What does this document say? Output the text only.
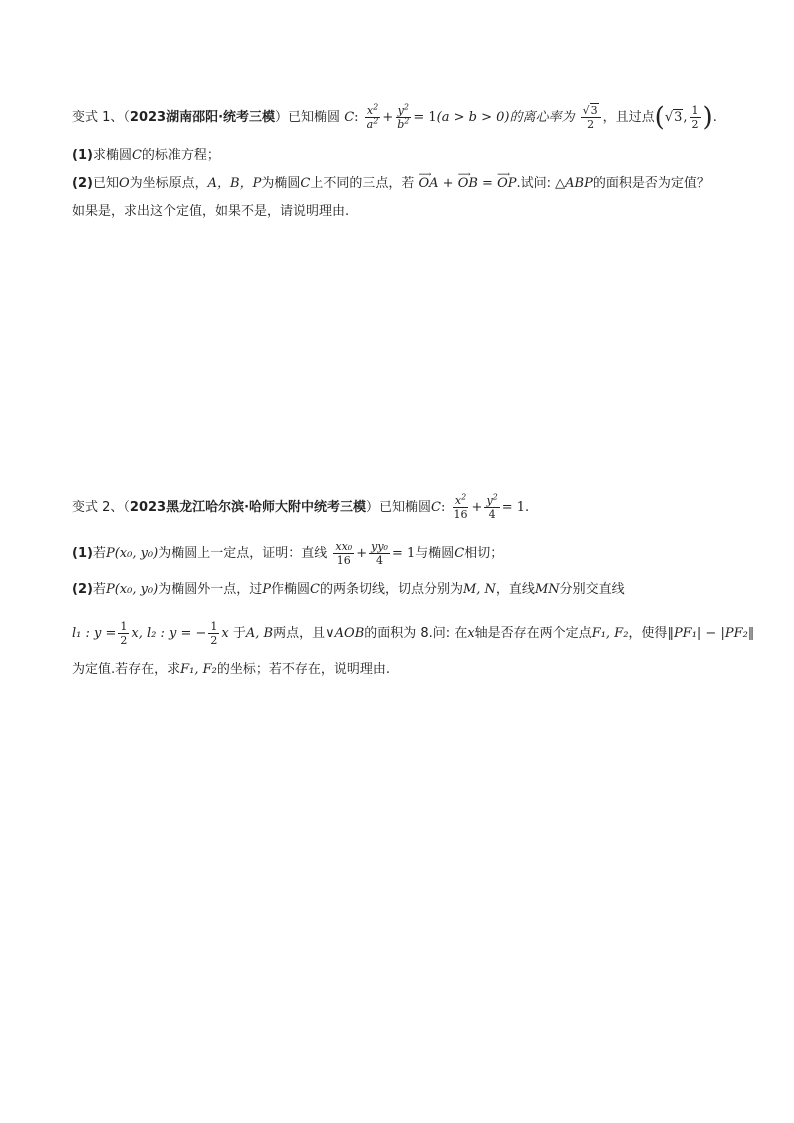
变式 1、（2023湖南邵阳·统考三模）已知椭圆 C: $\frac{x^2}{a^2} + \frac{y^2}{b^2} = 1(a > b > 0)$的离心率为 $\frac{√3}{2}$ ，且过点(√3, $\frac{1}{2}$ ).
(1)求椭圆C的标准方程；
(2)已知O为坐标原点，A，B，P为椭圆C上不同的三点，若 ⟶ OA + ⟶ OB = ⟶ OP.试问: △ABP的面积是否为定值？
如果是，求出这个定值，如果不是，请说明理由.
变式 2、（2023黑龙江哈尔滨·哈师大附中统考三模）已知椭圆C: $\frac{x^2}{16} + \frac{y^2}{4} = 1$.
(1)若P(x₀, y₀)为椭圆上一定点，证明：直线 $\frac{\text{xx₀}}{16} + \frac{\text{yy₀}}{4} = 1$与椭圆C相切；
(2)若P(x₀, y₀)为椭圆外一点，过P作椭圆C的两条切线，切点分别为M, N，直线MN分别交直线
l₁ : $y = \frac{1}{2} x$, l₂ : y = − $\frac{1}{2}$ x 于A, B两点，且∨AOB的面积为 8.问: 在x轴是否存在两个定点F₁, F₂，使得‖PF₁| − |PF₂‖
为定值.若存在，求F₁, F₂的坐标；若不存在，说明理由.
